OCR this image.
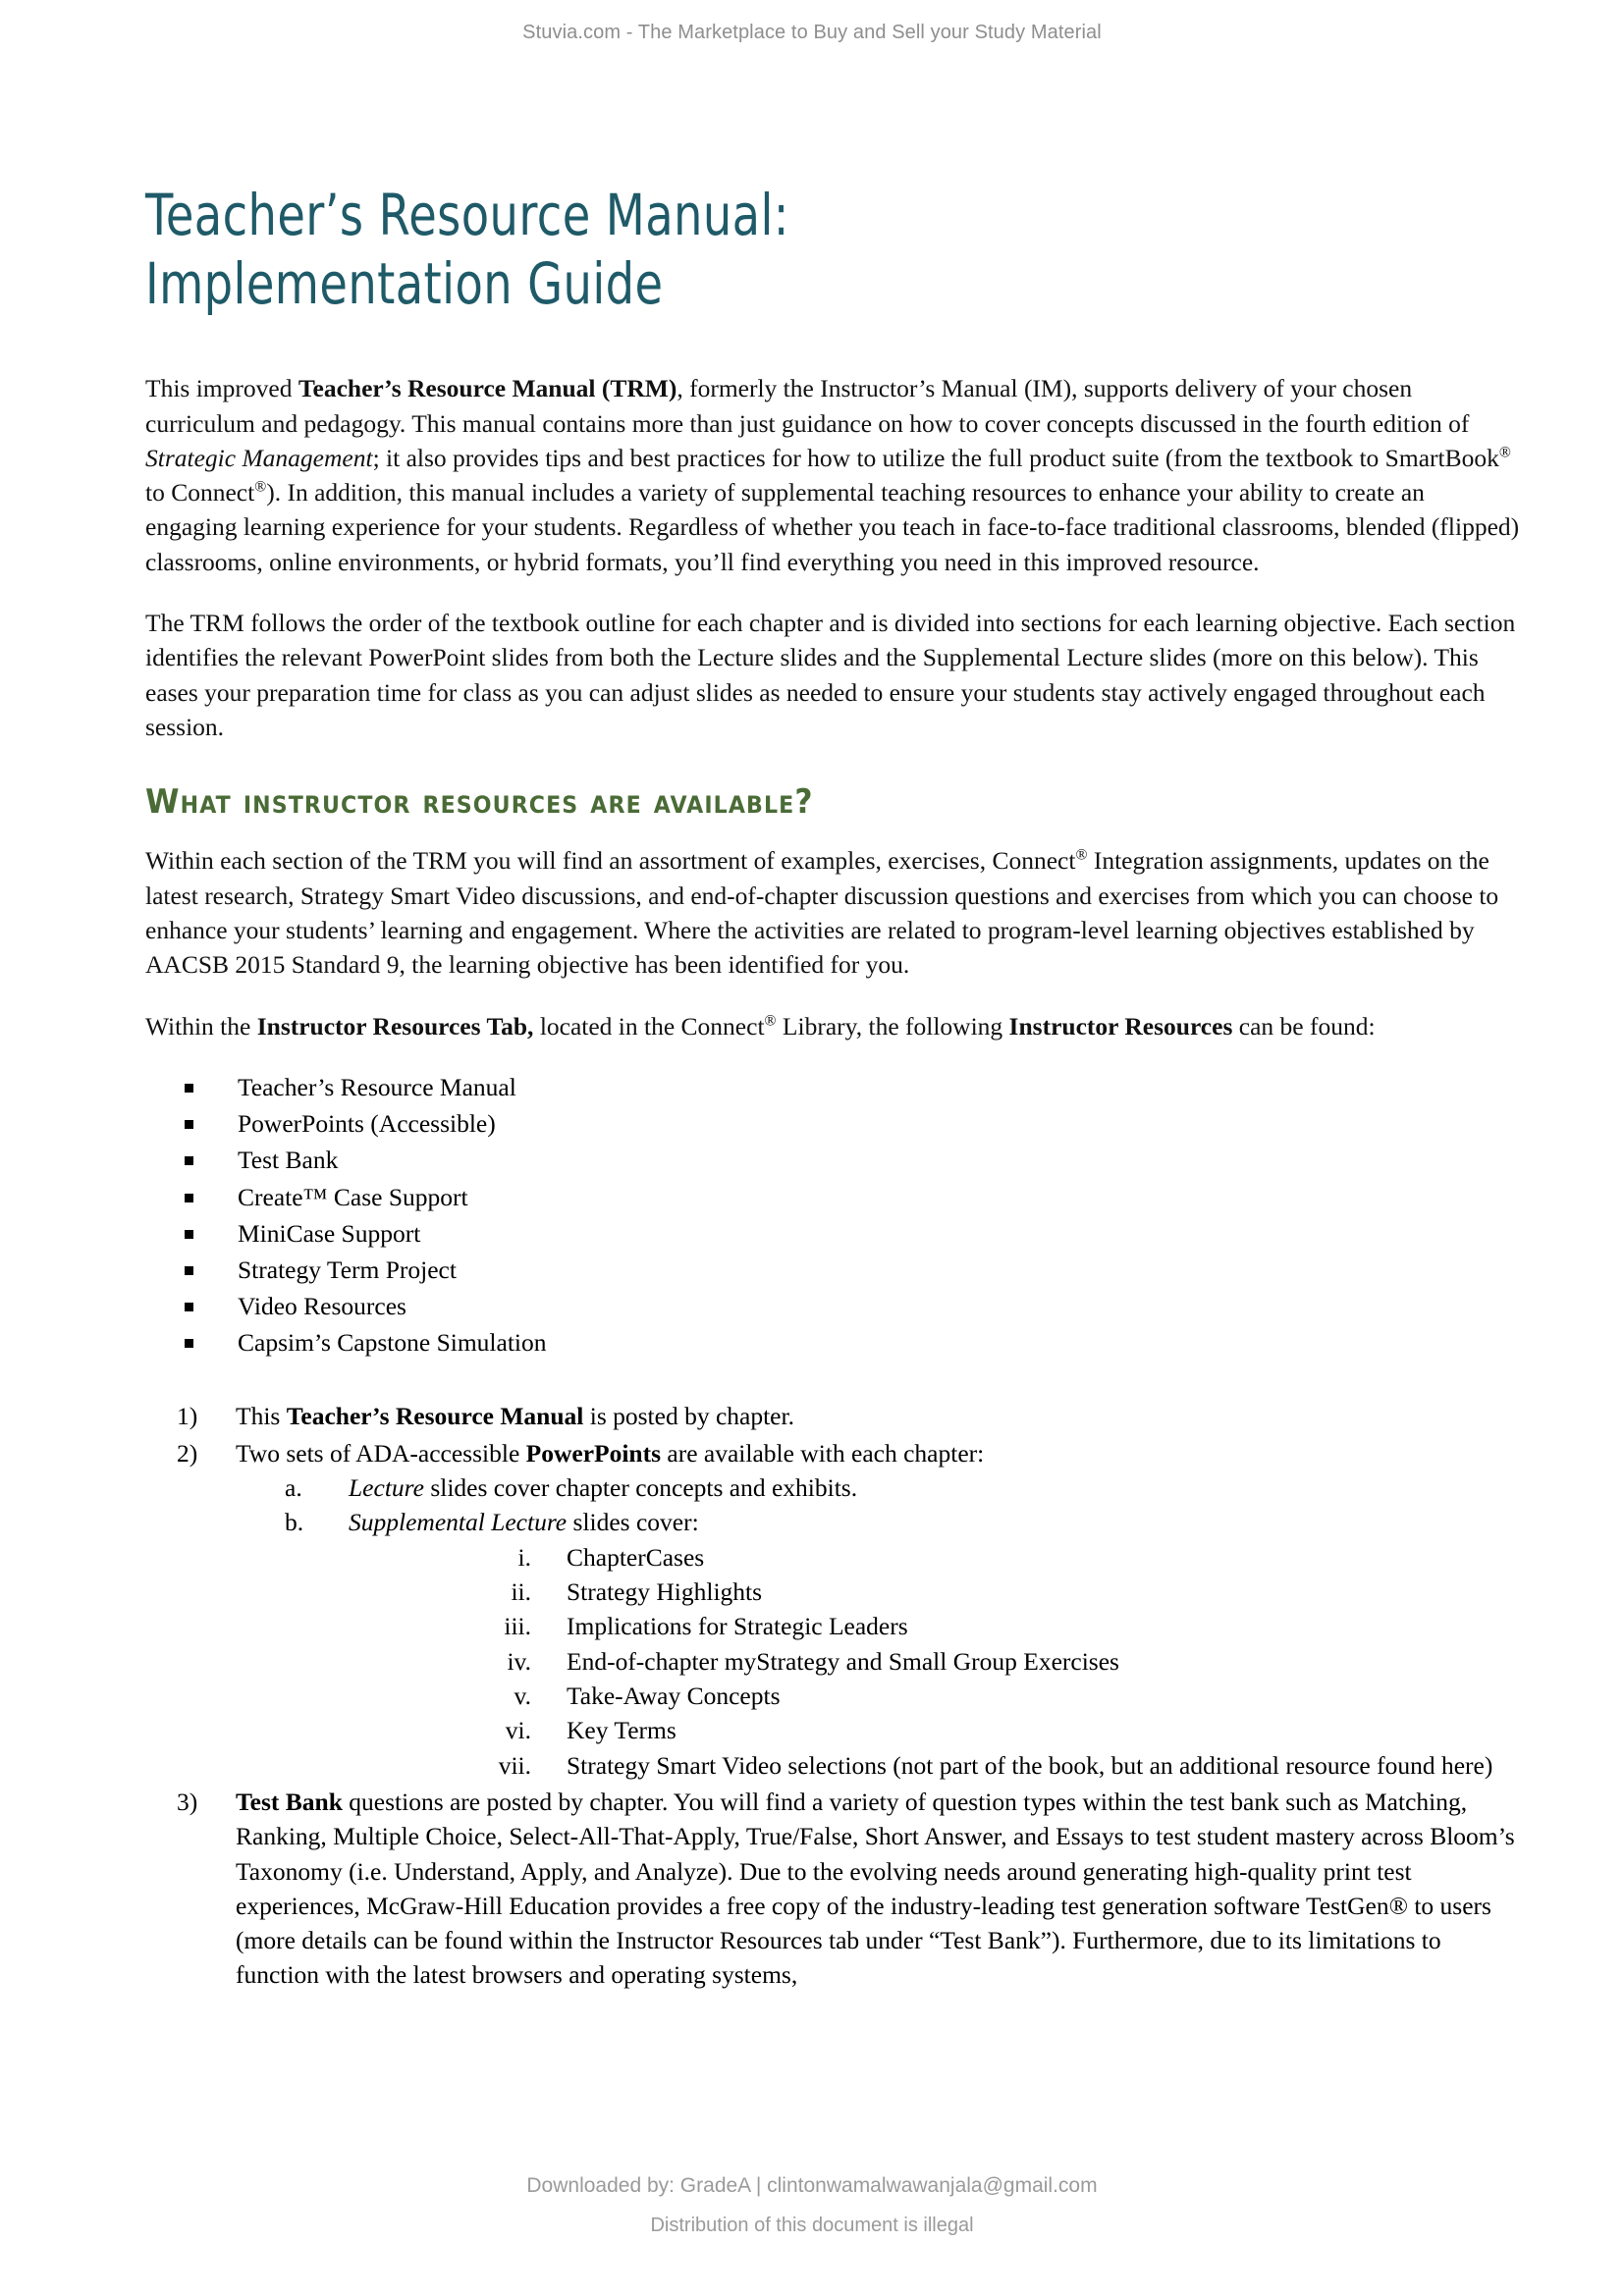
Stuvia.com - The Marketplace to Buy and Sell your Study Material
Teacher’s Resource Manual:
Implementation Guide

This improved Teacher’s Resource Manual (TRM), formerly the Instructor’s Manual (IM), supports delivery of your chosen curriculum and pedagogy. This manual contains more than just guidance on how to cover concepts discussed in the fourth edition of Strategic Management; it also provides tips and best practices for how to utilize the full product suite (from the textbook to SmartBook® to Connect®). In addition, this manual includes a variety of supplemental teaching resources to enhance your ability to create an engaging learning experience for your students. Regardless of whether you teach in face-to-face traditional classrooms, blended (flipped) classrooms, online environments, or hybrid formats, you’ll find everything you need in this improved resource.

The TRM follows the order of the textbook outline for each chapter and is divided into sections for each learning objective. Each section identifies the relevant PowerPoint slides from both the Lecture slides and the Supplemental Lecture slides (more on this below). This eases your preparation time for class as you can adjust slides as needed to ensure your students stay actively engaged throughout each session.

What instructor resources are available?

Within each section of the TRM you will find an assortment of examples, exercises, Connect® Integration assignments, updates on the latest research, Strategy Smart Video discussions, and end-of-chapter discussion questions and exercises from which you can choose to enhance your students’ learning and engagement. Where the activities are related to program-level learning objectives established by AACSB 2015 Standard 9, the learning objective has been identified for you.

Within the Instructor Resources Tab, located in the Connect® Library, the following Instructor Resources can be found:

Teacher’s Resource Manual
PowerPoints (Accessible)
Test Bank
Create™ Case Support
MiniCase Support
Strategy Term Project
Video Resources
Capsim’s Capstone Simulation
1)	This Teacher’s Resource Manual is posted by chapter.
2)	Two sets of ADA-accessible PowerPoints are available with each chapter:
a.	Lecture slides cover chapter concepts and exhibits.
b.	Supplemental Lecture slides cover:
i. ChapterCases
ii. Strategy Highlights
iii. Implications for Strategic Leaders
iv. End-of-chapter myStrategy and Small Group Exercises
v. Take-Away Concepts
vi. Key Terms
vii. Strategy Smart Video selections (not part of the book, but an additional resource found here)
3)	Test Bank questions are posted by chapter. You will find a variety of question types within the test bank such as Matching, Ranking, Multiple Choice, Select-All-That-Apply, True/False, Short Answer, and Essays to test student mastery across Bloom’s Taxonomy (i.e. Understand, Apply, and Analyze). Due to the evolving needs around generating high-quality print test experiences, McGraw-Hill Education provides a free copy of the industry-leading test generation software TestGen® to users (more details can be found within the Instructor Resources tab under “Test Bank”). Furthermore, due to its limitations to function with the latest browsers and operating systems,
Downloaded by: GradeA | clintonwamalwawanjala@gmail.com
Distribution of this document is illegal
